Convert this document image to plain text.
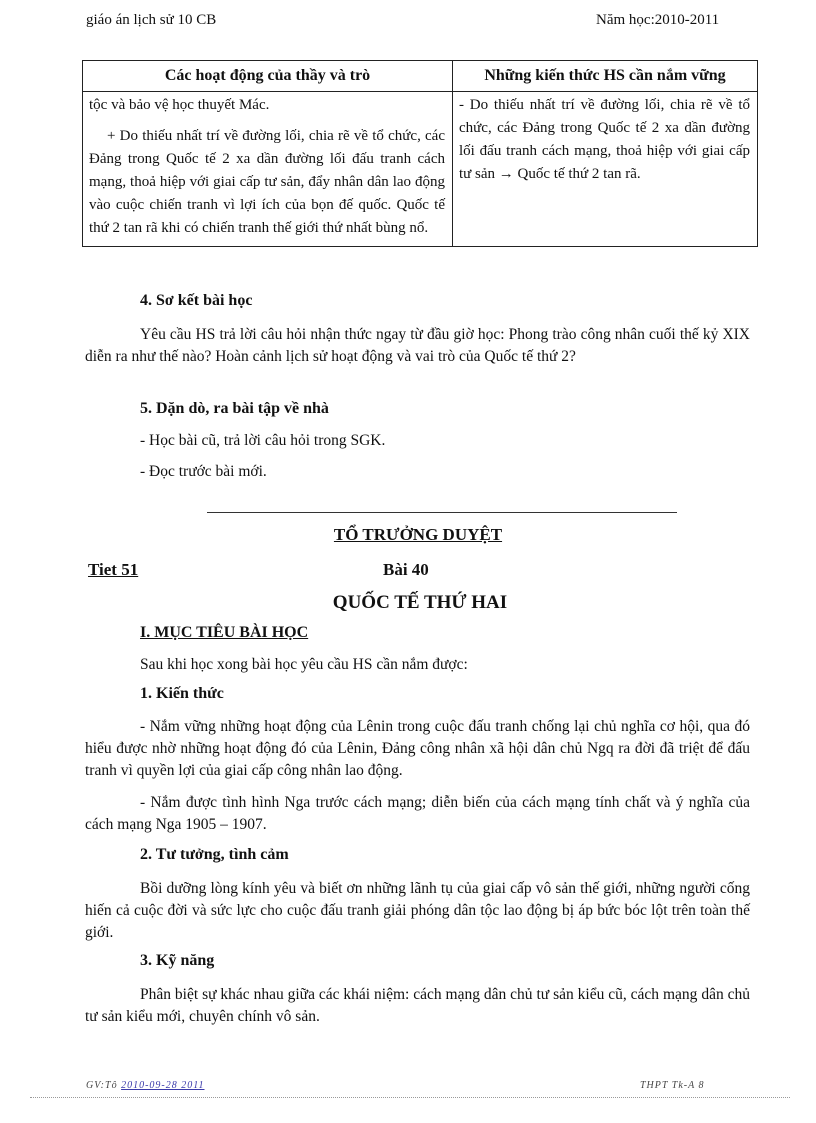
giáo án lịch sử 10 CB	Năm học:2010-2011
Các hoạt động của thầy và trò	Những kiến thức HS cần nắm vững

tộc và bảo vệ học thuyết Mác.

+ Do thiếu nhất trí về đường lối, chia rẽ về tổ chức, các Đảng trong Quốc tế 2 xa dần đường lối đấu tranh cách mạng, thoả hiệp với giai cấp tư sản, đẩy nhân dân lao động vào cuộc chiến tranh vì lợi ích của bọn đế quốc. Quốc tế thứ 2 tan rã khi có chiến tranh thế giới thứ nhất bùng nổ.	- Do thiếu nhất trí về đường lối, chia rẽ về tổ chức, các Đảng trong Quốc tế 2 xa dần đường lối đấu tranh cách mạng, thoả hiệp với giai cấp tư sản → Quốc tế thứ 2 tan rã.

4. Sơ kết bài học
Yêu cầu HS trả lời câu hỏi nhận thức ngay từ đầu giờ học: Phong trào công nhân cuối thế kỷ XIX diễn ra như thế nào? Hoàn cảnh lịch sử hoạt động và vai trò của Quốc tế thứ 2?
5. Dặn dò, ra bài tập về nhà
- Học bài cũ, trả lời câu hỏi trong SGK.
- Đọc trước bài mới.
TỔ TRƯỞNG DUYỆT
Tiet 51	Bài 40
QUỐC TẾ THỨ HAI
I. MỤC TIÊU BÀI HỌC
Sau khi học xong bài học yêu cầu HS cần nắm được:
1. Kiến thức
- Nắm vững những hoạt động của Lênin trong cuộc đấu tranh chống lại chủ nghĩa cơ hội, qua đó hiểu được nhờ những hoạt động đó của Lênin, Đảng công nhân xã hội dân chủ Ngq ra đời đã triệt để đấu tranh vì quyền lợi của giai cấp công nhân lao động.
- Nắm được tình hình Nga trước cách mạng; diễn biến của cách mạng tính chất và ý nghĩa của cách mạng Nga 1905 – 1907.
2. Tư tưởng, tình cảm
Bồi dưỡng lòng kính yêu và biết ơn những lãnh tụ của giai cấp vô sản thế giới, những người cống hiến cả cuộc đời và sức lực cho cuộc đấu tranh giải phóng dân tộc lao động bị áp bức bóc lột trên toàn thế giới.
3. Kỹ năng
Phân biệt sự khác nhau giữa các khái niệm: cách mạng dân chủ tư sản kiểu cũ, cách mạng dân chủ tư sản kiểu mới, chuyên chính vô sản.
GV:Tô 2010-09-28 2011	THPT Tk-A 8
